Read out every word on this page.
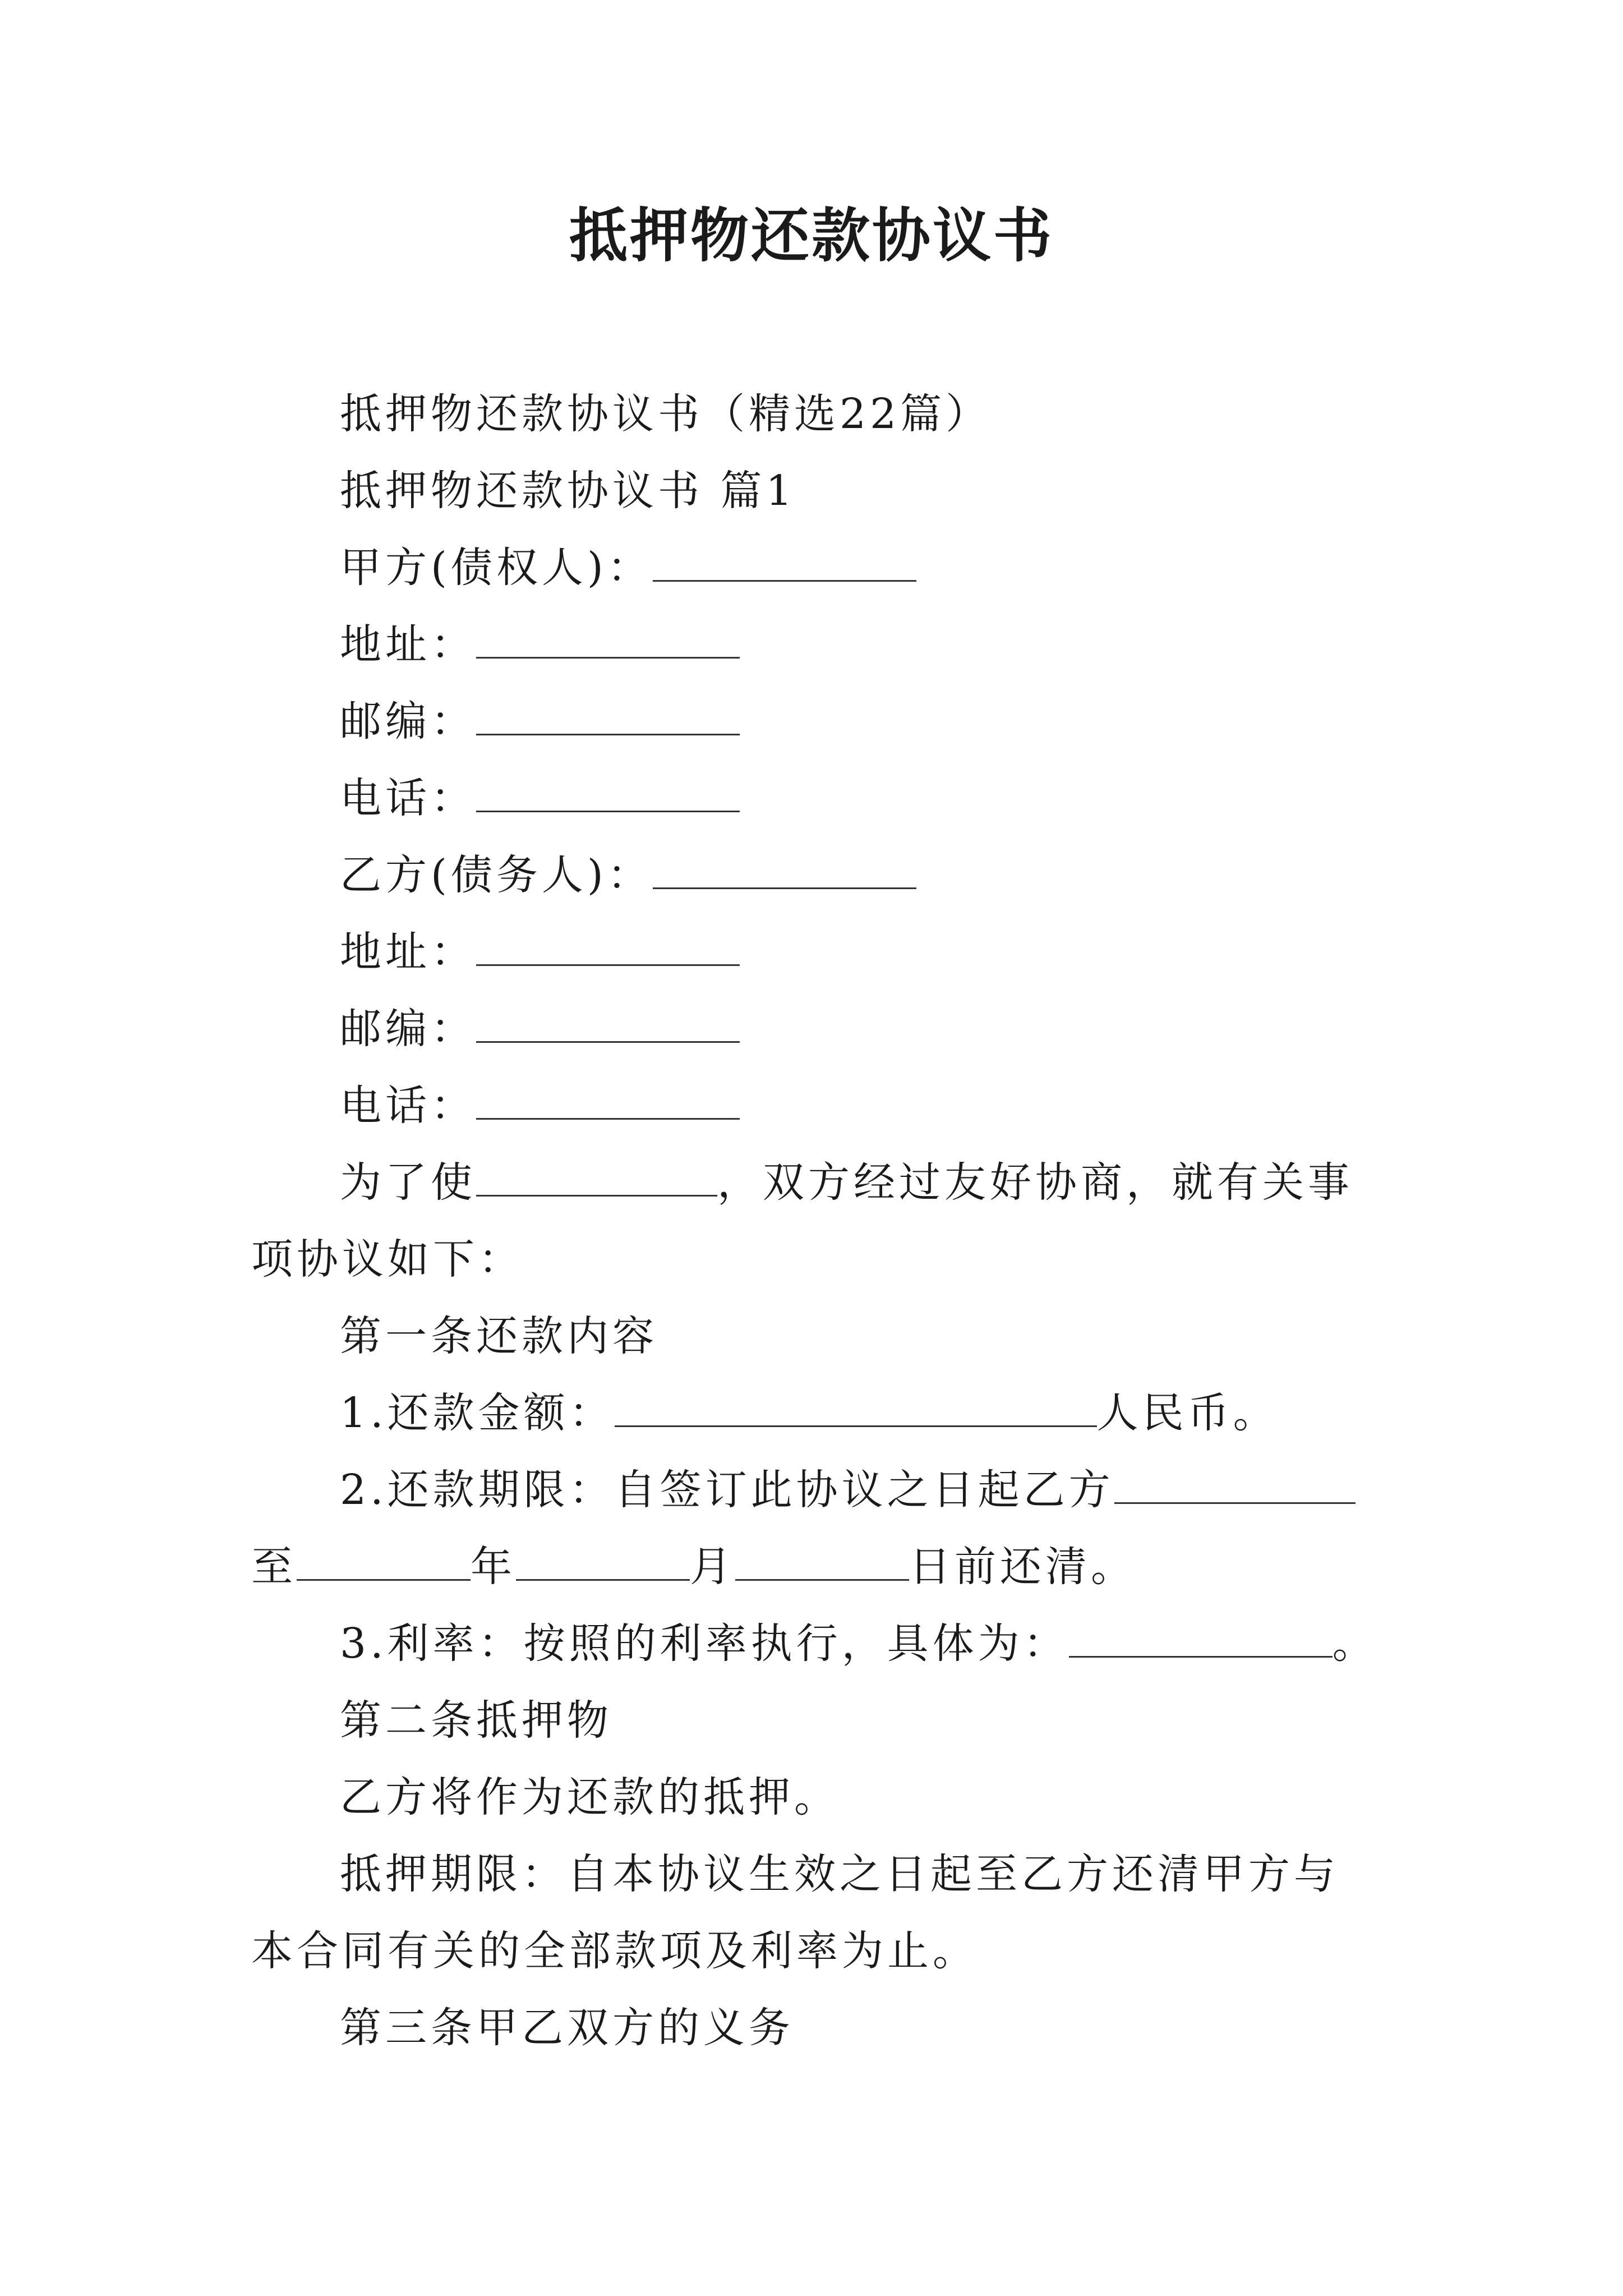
抵押物还款协议书

抵押物还款协议书（精选22篇）

抵押物还款协议书 篇1

甲方(债权人)：

地址：

邮编：

电话：

乙方(债务人)：

地址：

邮编：

电话：

为了使	，双方经过友好协商，就有关事项协议如下：

第一条还款内容

1.还款金额：	人民币。

2.还款期限：自签订此协议之日起乙方至	年	月	日前还清。

3.利率：按照的利率执行，具体为：	。

第二条抵押物

乙方将作为还款的抵押。

抵押期限：自本协议生效之日起至乙方还清甲方与本合同有关的全部款项及利率为止。

第三条甲乙双方的义务
